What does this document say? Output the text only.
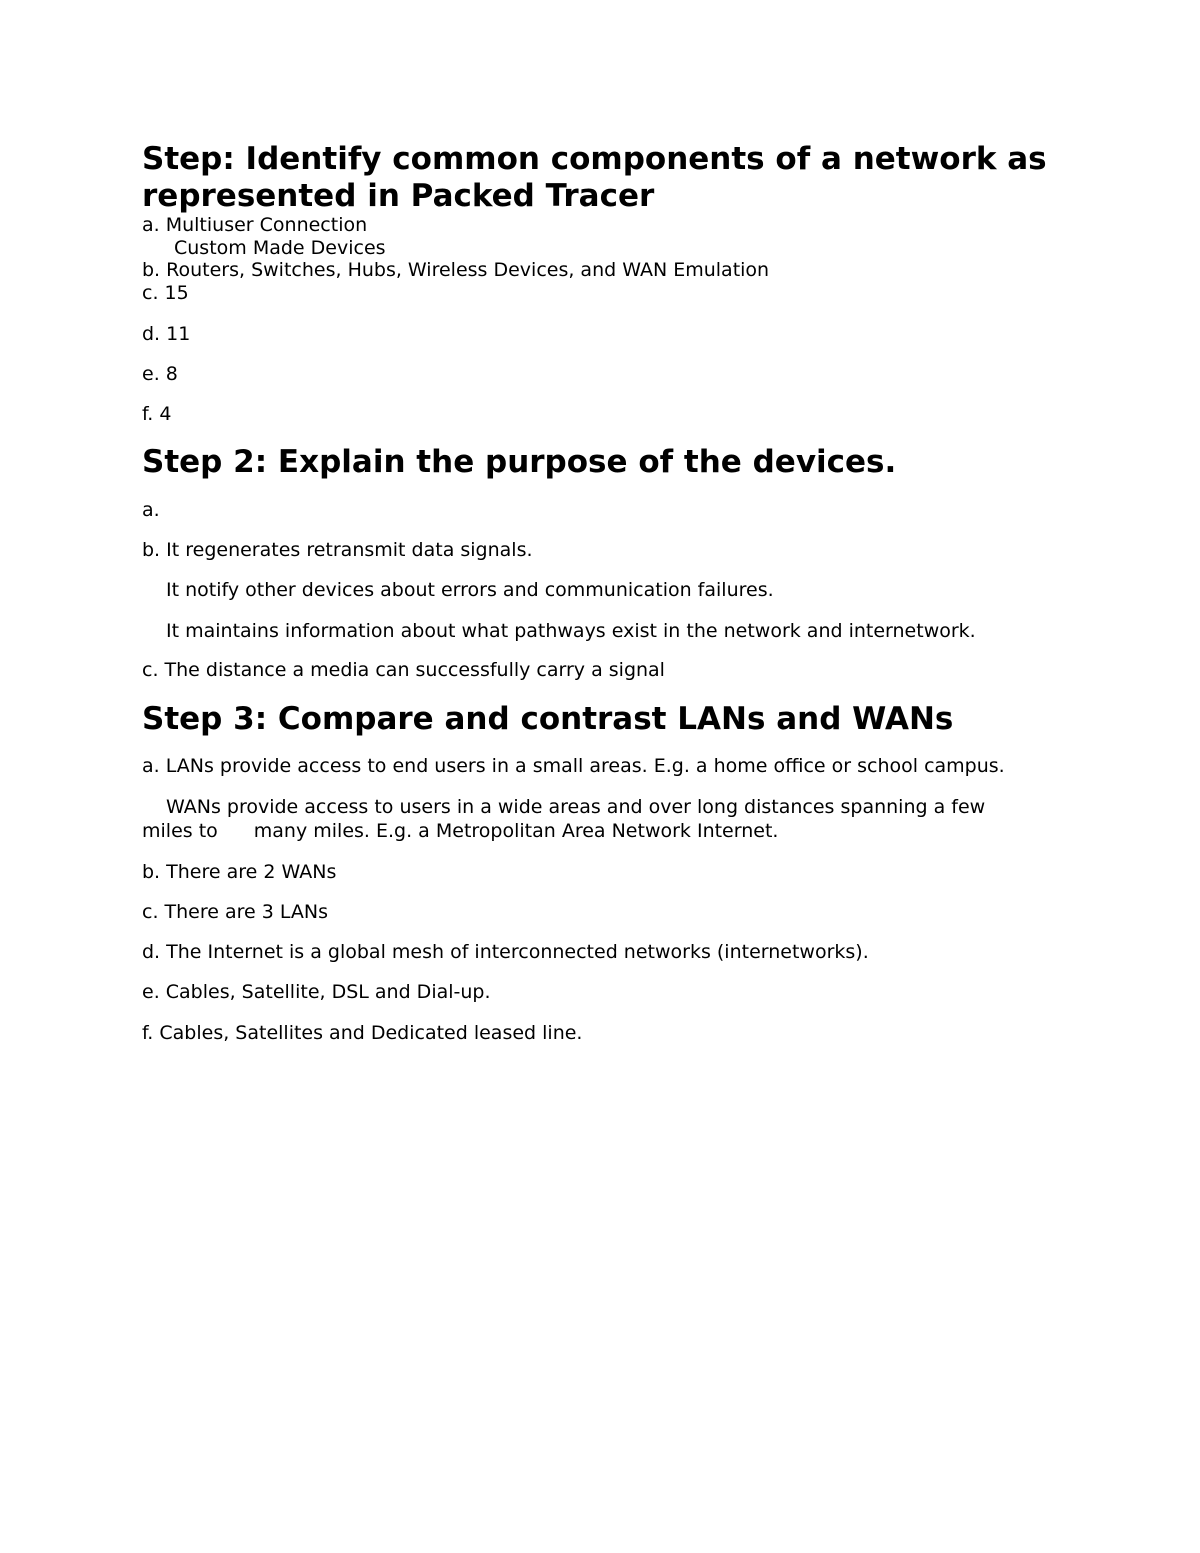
Step: Identify common components of a network as
represented in Packed Tracer

a. Multiuser Connection

Custom Made Devices

b. Routers, Switches, Hubs, Wireless Devices, and WAN Emulation

c. 15

d. 11

e. 8

f. 4

Step 2: Explain the purpose of the devices.

a.

b. It regenerates retransmit data signals.

It notify other devices about errors and communication failures.

It maintains information about what pathways exist in the network and internetwork.

c. The distance a media can successfully carry a signal

Step 3: Compare and contrast LANs and WANs

a. LANs provide access to end users in a small areas. E.g. a home office or school campus.

WANs provide access to users in a wide areas and over long distances spanning a few

miles to many miles. E.g. a Metropolitan Area Network Internet.

b. There are 2 WANs

c. There are 3 LANs

d. The Internet is a global mesh of interconnected networks (internetworks).

e. Cables, Satellite, DSL and Dial-up.

f. Cables, Satellites and Dedicated leased line.
